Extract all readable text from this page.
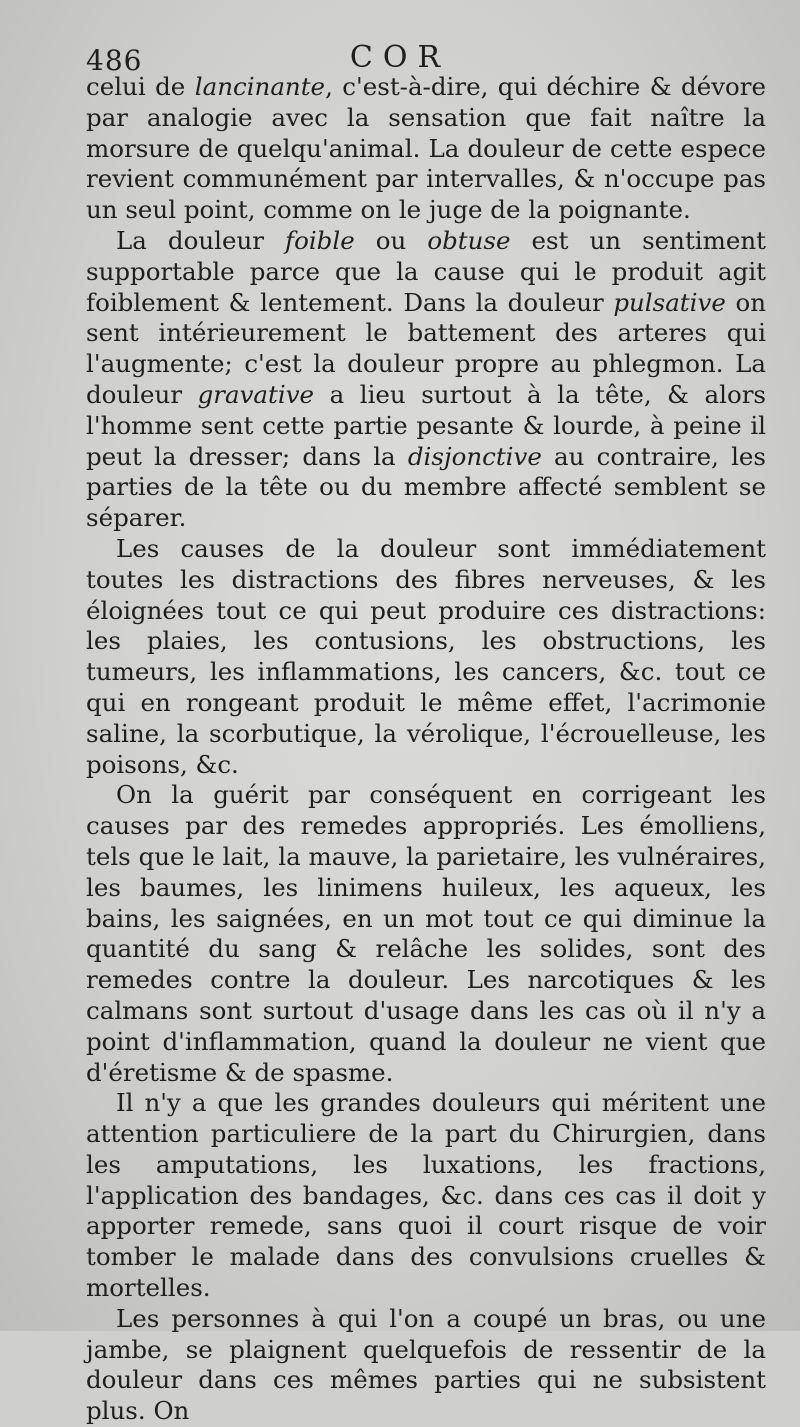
486	COR

celui de lancinante, c'est-à-dire, qui déchire & dévore par analogie avec la sensation que fait naître la morsure de quelqu'animal. La douleur de cette espece revient communément par intervalles, & n'occupe pas un seul point, comme on le juge de la poignante.

La douleur foible ou obtuse est un sentiment supportable parce que la cause qui le produit agit foiblement & lentement. Dans la douleur pulsative on sent intérieurement le battement des arteres qui l'augmente; c'est la douleur propre au phlegmon. La douleur gravative a lieu surtout à la tête, & alors l'homme sent cette partie pesante & lourde, à peine il peut la dresser; dans la disjonctive au contraire, les parties de la tête ou du membre affecté semblent se séparer.

Les causes de la douleur sont immédiatement toutes les distractions des fibres nerveuses, & les éloignées tout ce qui peut produire ces distractions: les plaies, les contusions, les obstructions, les tumeurs, les inflammations, les cancers, &c. tout ce qui en rongeant produit le même effet, l'acrimonie saline, la scorbutique, la vérolique, l'écrouelleuse, les poisons, &c.

On la guérit par conséquent en corrigeant les causes par des remedes appropriés. Les émolliens, tels que le lait, la mauve, la parietaire, les vulnéraires, les baumes, les linimens huileux, les aqueux, les bains, les saignées, en un mot tout ce qui diminue la quantité du sang & relâche les solides, sont des remedes contre la douleur. Les narcotiques & les calmans sont surtout d'usage dans les cas où il n'y a point d'inflammation, quand la douleur ne vient que d'éretisme & de spasme.

Il n'y a que les grandes douleurs qui méritent une attention particuliere de la part du Chirurgien, dans les amputations, les luxations, les fractions, l'application des bandages, &c. dans ces cas il doit y apporter remede, sans quoi il court risque de voir tomber le malade dans des convulsions cruelles & mortelles.

Les personnes à qui l'on a coupé un bras, ou une jambe, se plaignent quelquefois de ressentir de la douleur dans ces mêmes parties qui ne subsistent plus. On
